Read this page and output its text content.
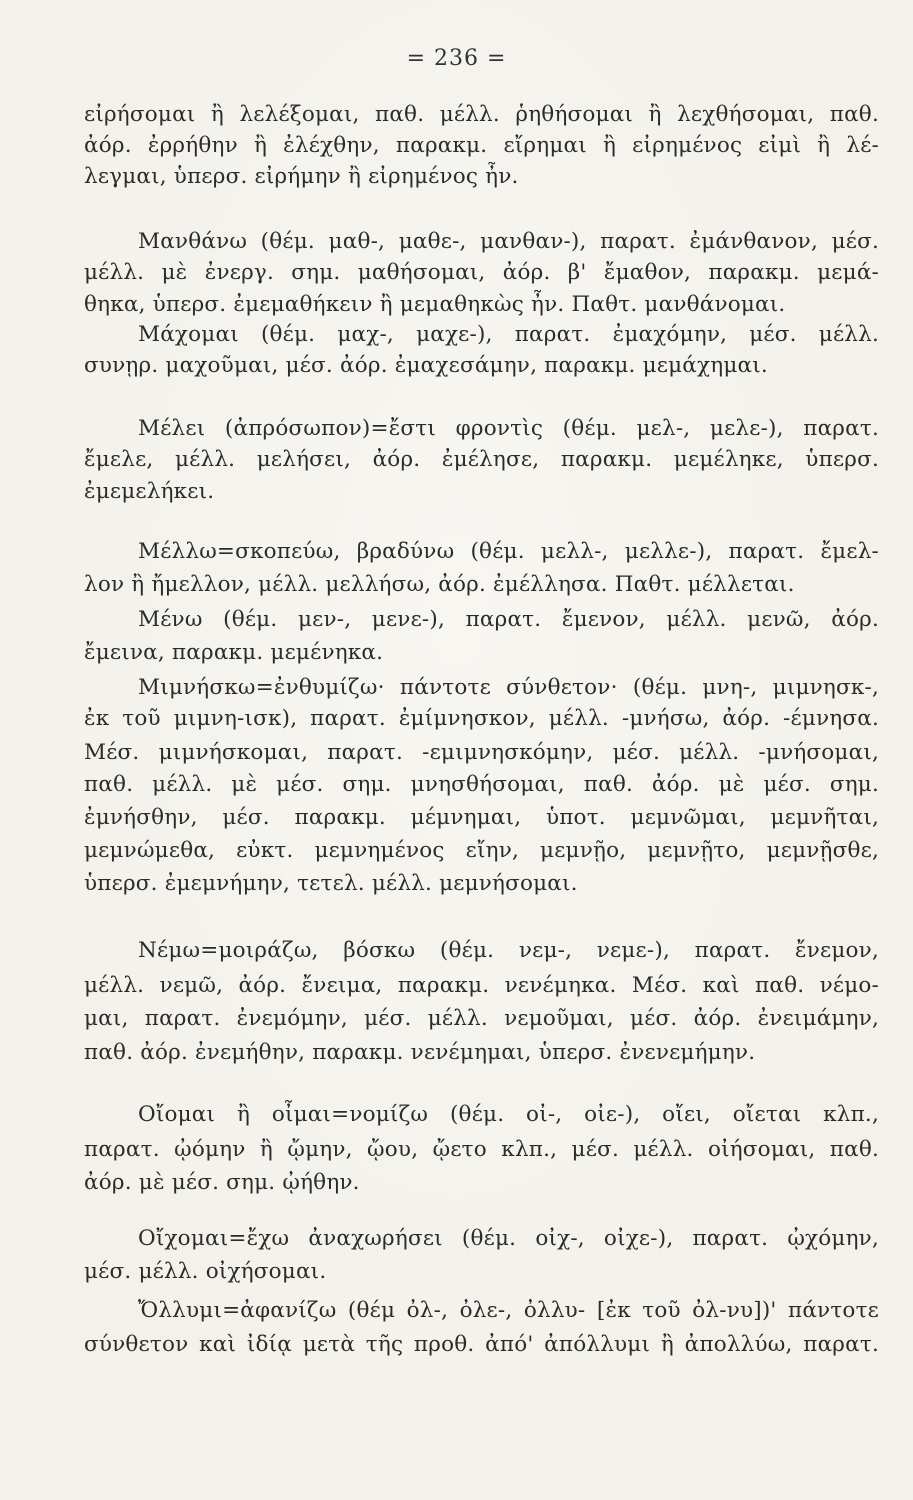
= 236 =
εἰρήσομαι ἢ λελέξομαι, παθ. μέλλ. ῥηθήσομαι ἢ λεχθήσομαι, παθ.
ἀόρ. ἐρρήθην ἢ ἐλέχθην, παρακμ. εἴρημαι ἢ εἰρημένος εἰμὶ ἢ λέ-
λεγμαι, ὑπερσ. εἰρήμην ἢ εἰρημένος ἦν.
Μανθάνω (θέμ. μαθ-, μαθε-, μανθαν-), παρατ. ἐμάνθανον, μέσ.
μέλλ. μὲ ἐνεργ. σημ. μαθήσομαι, ἀόρ. β' ἔμαθον, παρακμ. μεμά-
θηκα, ὑπερσ. ἐμεμαθήκειν ἢ μεμαθηκὼς ἦν. Παθτ. μανθάνομαι.
Μάχομαι (θέμ. μαχ-, μαχε-), παρατ. ἐμαχόμην, μέσ. μέλλ.
συνῃρ. μαχοῦμαι, μέσ. ἀόρ. ἐμαχεσάμην, παρακμ. μεμάχημαι.
Μέλει (ἀπρόσωπον)=ἔστι φροντὶς (θέμ. μελ-, μελε-), παρατ.
ἔμελε, μέλλ. μελήσει, ἀόρ. ἐμέλησε, παρακμ. μεμέληκε, ὑπερσ.
ἐμεμελήκει.
Μέλλω=σκοπεύω, βραδύνω (θέμ. μελλ-, μελλε-), παρατ. ἔμελ-
λον ἢ ἤμελλον, μέλλ. μελλήσω, ἀόρ. ἐμέλλησα. Παθτ. μέλλεται.
Μένω (θέμ. μεν-, μενε-), παρατ. ἔμενον, μέλλ. μενῶ, ἀόρ.
ἔμεινα, παρακμ. μεμένηκα.
Μιμνήσκω=ἐνθυμίζω· πάντοτε σύνθετον· (θέμ. μνη-, μιμνησκ-,
ἐκ τοῦ μιμνη-ισκ), παρατ. ἐμίμνησκον, μέλλ. -μνήσω, ἀόρ. -έμνησα.
Μέσ. μιμνήσκομαι, παρατ. -εμιμνησκόμην, μέσ. μέλλ. -μνήσομαι,
παθ. μέλλ. μὲ μέσ. σημ. μνησθήσομαι, παθ. ἀόρ. μὲ μέσ. σημ.
ἐμνήσθην, μέσ. παρακμ. μέμνημαι, ὑποτ. μεμνῶμαι, μεμνῆται,
μεμνώμεθα, εὐκτ. μεμνημένος εἴην, μεμνῇο, μεμνῇτο, μεμνῇσθε,
ὑπερσ. ἐμεμνήμην, τετελ. μέλλ. μεμνήσομαι.
Νέμω=μοιράζω, βόσκω (θέμ. νεμ-, νεμε-), παρατ. ἔνεμον,
μέλλ. νεμῶ, ἀόρ. ἔνειμα, παρακμ. νενέμηκα. Μέσ. καὶ παθ. νέμο-
μαι, παρατ. ἐνεμόμην, μέσ. μέλλ. νεμοῦμαι, μέσ. ἀόρ. ἐνειμάμην,
παθ. ἀόρ. ἐνεμήθην, παρακμ. νενέμημαι, ὑπερσ. ἐνενεμήμην.
Οἴομαι ἢ οἶμαι=νομίζω (θέμ. οἰ-, οἰε-), οἴει, οἴεται κλπ.,
παρατ. ᾠόμην ἢ ᾤμην, ᾤου, ᾤετο κλπ., μέσ. μέλλ. οἰήσομαι, παθ.
ἀόρ. μὲ μέσ. σημ. ᾠήθην.
Οἴχομαι=ἔχω ἀναχωρήσει (θέμ. οἰχ-, οἰχε-), παρατ. ᾠχόμην,
μέσ. μέλλ. οἰχήσομαι.
Ὄλλυμι=ἀφανίζω (θέμ ὀλ-, ὀλε-, ὀλλυ- [ἐκ τοῦ ὀλ-νυ])' πάντοτε
σύνθετον καὶ ἰδίᾳ μετὰ τῆς προθ. ἀπό' ἀπόλλυμι ἢ ἀπολλύω, παρατ.
